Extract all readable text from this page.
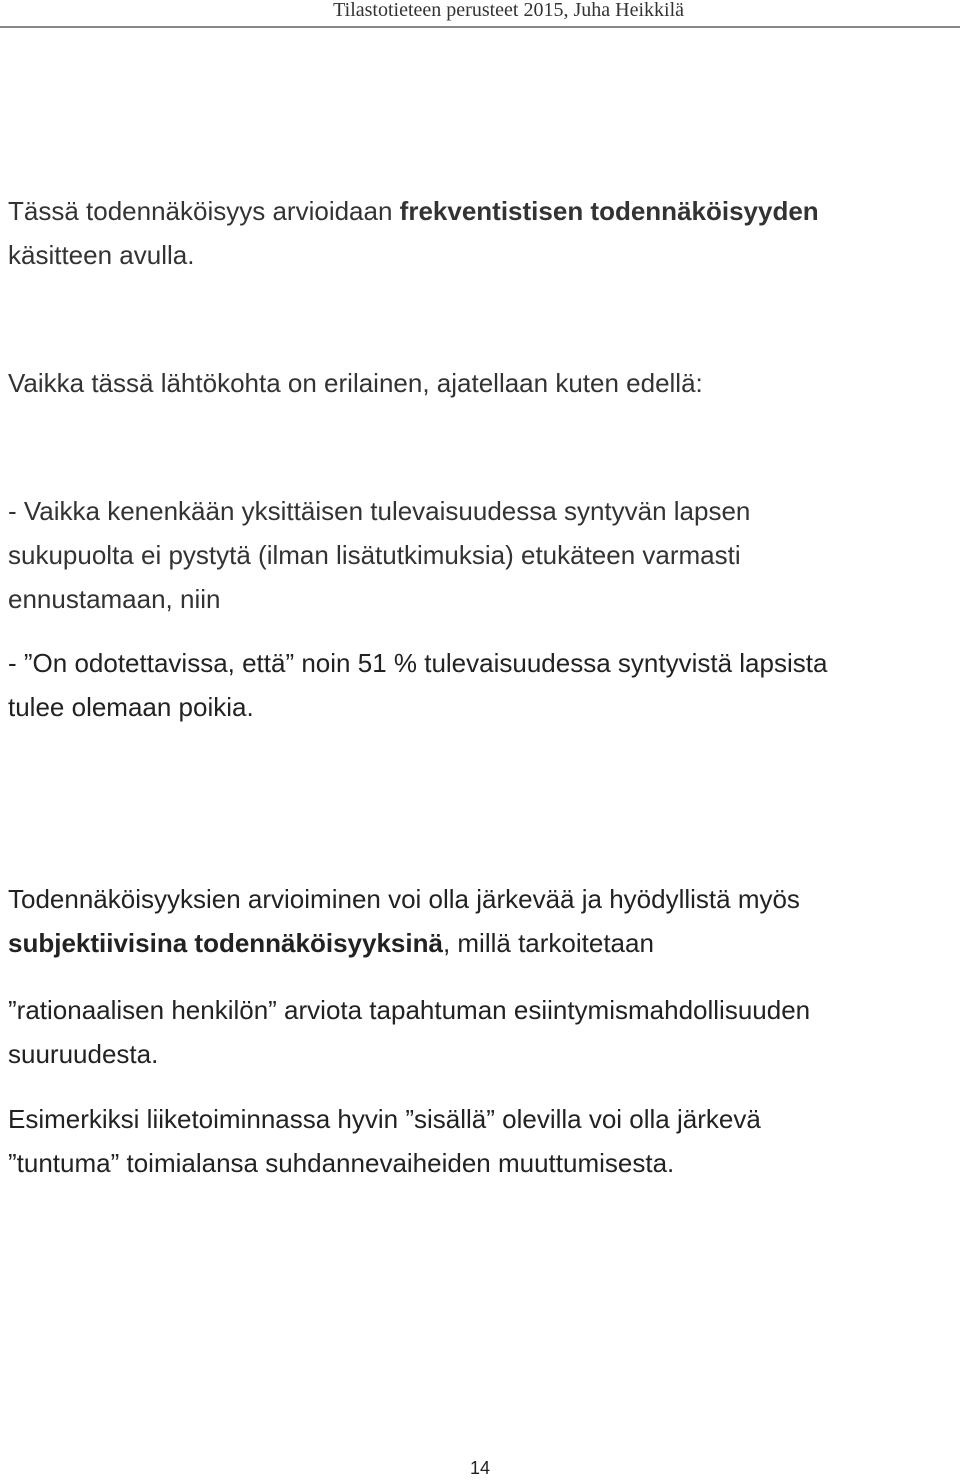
Tilastotieteen perusteet 2015, Juha Heikkilä
Tässä todennäköisyys arvioidaan frekventistisen todennäköisyyden
käsitteen avulla.
Vaikka tässä lähtökohta on erilainen, ajatellaan kuten edellä:
- Vaikka kenenkään yksittäisen tulevaisuudessa syntyvän lapsen
sukupuolta ei pystytä (ilman lisätutkimuksia) etukäteen varmasti
ennustamaan, niin
- ”On odotettavissa, että” noin 51 % tulevaisuudessa syntyvistä lapsista
tulee olemaan poikia.
Todennäköisyyksien arvioiminen voi olla järkevää ja hyödyllistä myös
subjektiivisina todennäköisyyksinä, millä tarkoitetaan
”rationaalisen henkilön” arviota tapahtuman esiintymismahdollisuuden
suuruudesta.
Esimerkiksi liiketoiminnassa hyvin ”sisällä” olevilla voi olla järkevä
”tuntuma” toimialansa suhdannevaiheiden muuttumisesta.
14
